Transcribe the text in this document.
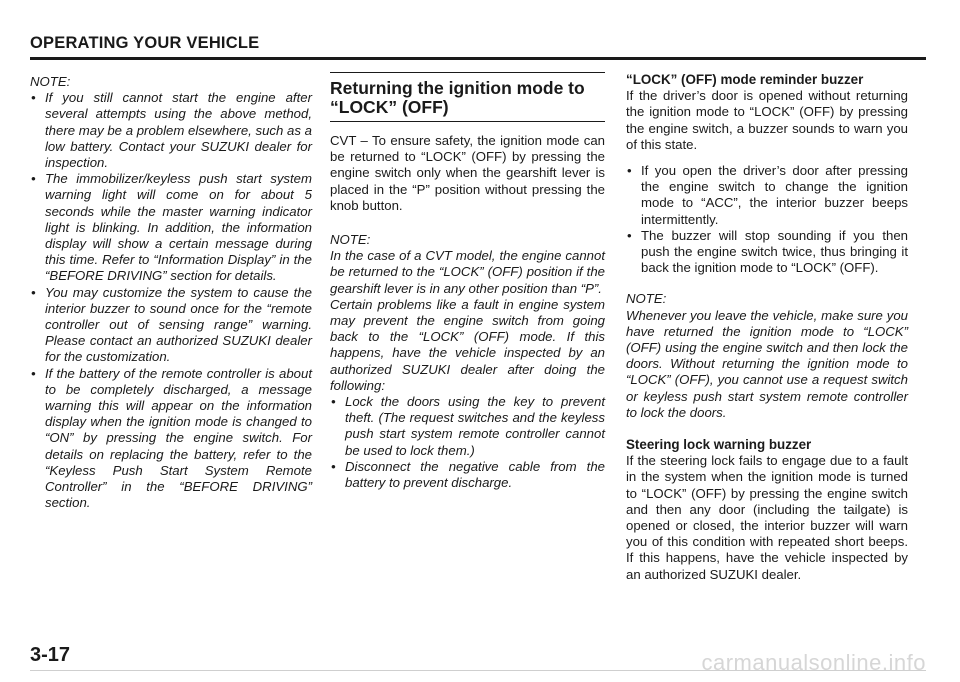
OPERATING YOUR VEHICLE

NOTE:

• If you still cannot start the engine after several attempts using the above method, there may be a problem elsewhere, such as a low battery. Contact your SUZUKI dealer for inspection.
• The immobilizer/keyless push start system warning light will come on for about 5 seconds while the master warning indicator light is blinking. In addition, the information display will show a certain message during this time. Refer to “Information Display” in the “BEFORE DRIVING” section for details.
• You may customize the system to cause the interior buzzer to sound once for the “remote controller out of sensing range” warning. Please contact an authorized SUZUKI dealer for the customization.
• If the battery of the remote controller is about to be completely discharged, a message warning this will appear on the information display when the ignition mode is changed to “ON” by pressing the engine switch. For details on replacing the battery, refer to the “Keyless Push Start System Remote Controller” in the “BEFORE DRIVING” section.
Returning the ignition mode to “LOCK” (OFF)

CVT – To ensure safety, the ignition mode can be returned to “LOCK” (OFF) by pressing the engine switch only when the gearshift lever is placed in the “P” position without pressing the knob button.

NOTE:

In the case of a CVT model, the engine cannot be returned to the “LOCK” (OFF) position if the gearshift lever is in any other position than “P”.

Certain problems like a fault in engine system may prevent the engine switch from going back to the “LOCK” (OFF) mode. If this happens, have the vehicle inspected by an authorized SUZUKI dealer after doing the following:

• Lock the doors using the key to prevent theft. (The request switches and the keyless push start system remote controller cannot be used to lock them.)
• Disconnect the negative cable from the battery to prevent discharge.

“LOCK” (OFF) mode reminder buzzer

If the driver’s door is opened without returning the ignition mode to “LOCK” (OFF) by pressing the engine switch, a buzzer sounds to warn you of this state.

• If you open the driver’s door after pressing the engine switch to change the ignition mode to “ACC”, the interior buzzer beeps intermittently.
• The buzzer will stop sounding if you then push the engine switch twice, thus bringing it back the ignition mode to “LOCK” (OFF).

NOTE:

Whenever you leave the vehicle, make sure you have returned the ignition mode to “LOCK” (OFF) using the engine switch and then lock the doors. Without returning the ignition mode to “LOCK” (OFF), you cannot use a request switch or keyless push start system remote controller to lock the doors.

Steering lock warning buzzer

If the steering lock fails to engage due to a fault in the system when the ignition mode is turned to “LOCK” (OFF) by pressing the engine switch and then any door (including the tailgate) is opened or closed, the interior buzzer will warn you of this condition with repeated short beeps. If this happens, have the vehicle inspected by an authorized SUZUKI dealer.

3-17	carmanualsonline.info
